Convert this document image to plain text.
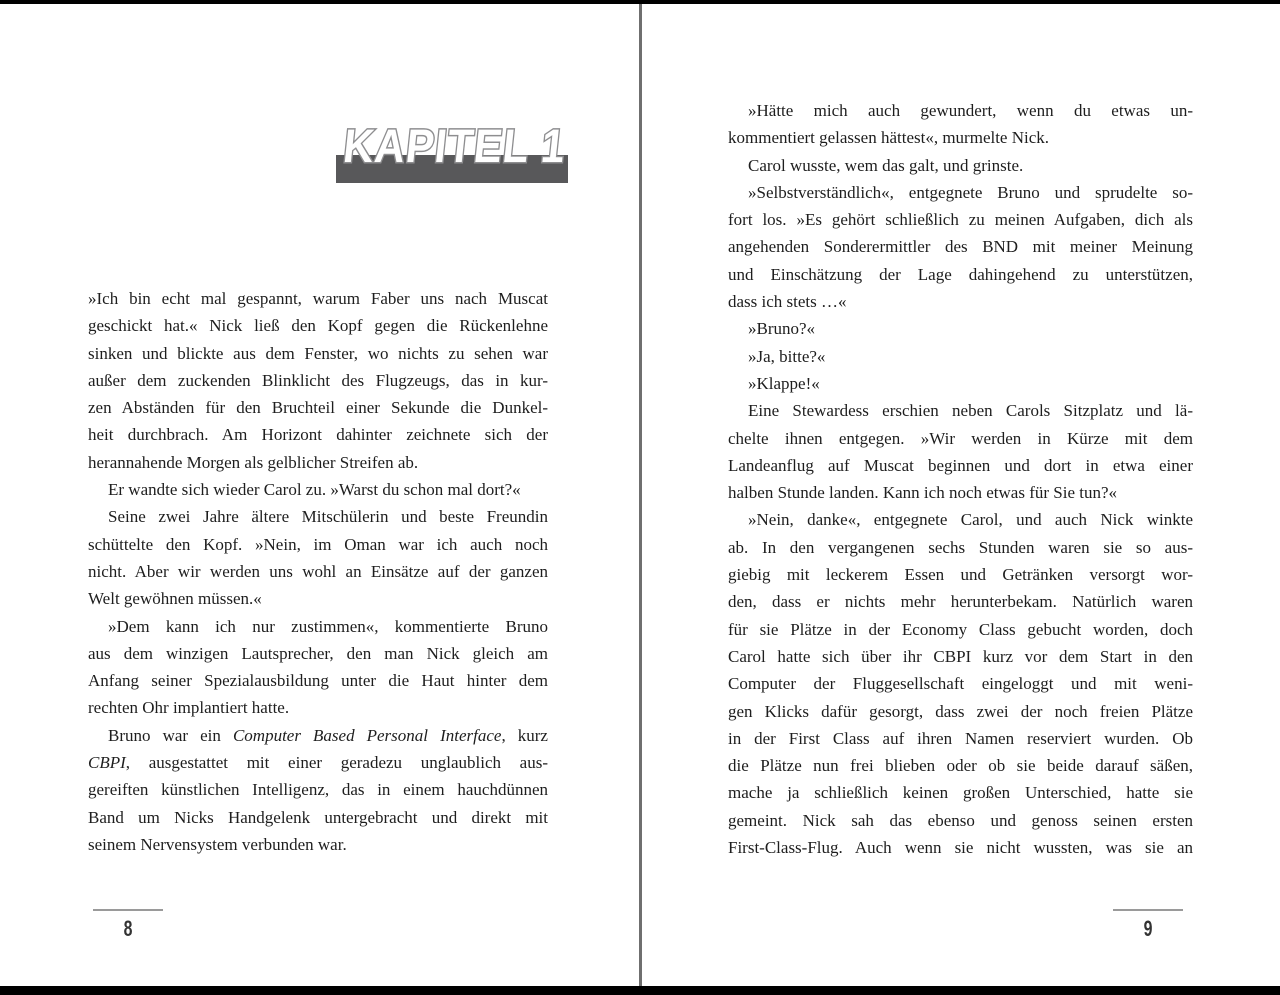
KAPITEL 1
»Ich bin echt mal gespannt, warum Faber uns nach Muscat
geschickt hat.« Nick ließ den Kopf gegen die Rückenlehne
sinken und blickte aus dem Fenster, wo nichts zu sehen war
außer dem zuckenden Blinklicht des Flugzeugs, das in kur-
zen Abständen für den Bruchteil einer Sekunde die Dunkel-
heit durchbrach. Am Horizont dahinter zeichnete sich der
herannahende Morgen als gelblicher Streifen ab.
Er wandte sich wieder Carol zu. »Warst du schon mal dort?«
Seine zwei Jahre ältere Mitschülerin und beste Freundin
schüttelte den Kopf. »Nein, im Oman war ich auch noch
nicht. Aber wir werden uns wohl an Einsätze auf der ganzen
Welt gewöhnen müssen.«
»Dem kann ich nur zustimmen«, kommentierte Bruno
aus dem winzigen Lautsprecher, den man Nick gleich am
Anfang seiner Spezialausbildung unter die Haut hinter dem
rechten Ohr implantiert hatte.
Bruno war ein Computer Based Personal Interface, kurz
CBPI, ausgestattet mit einer geradezu unglaublich aus-
gereiften künstlichen Intelligenz, das in einem hauchdünnen
Band um Nicks Handgelenk untergebracht und direkt mit
seinem Nervensystem verbunden war.
»Hätte mich auch gewundert, wenn du etwas un-
kommentiert gelassen hättest«, murmelte Nick.
Carol wusste, wem das galt, und grinste.
»Selbstverständlich«, entgegnete Bruno und sprudelte so-
fort los. »Es gehört schließlich zu meinen Aufgaben, dich als
angehenden Sonderermittler des BND mit meiner Meinung
und Einschätzung der Lage dahingehend zu unterstützen,
dass ich stets …«
»Bruno?«
»Ja, bitte?«
»Klappe!«
Eine Stewardess erschien neben Carols Sitzplatz und lä-
chelte ihnen entgegen. »Wir werden in Kürze mit dem
Landeanflug auf Muscat beginnen und dort in etwa einer
halben Stunde landen. Kann ich noch etwas für Sie tun?«
»Nein, danke«, entgegnete Carol, und auch Nick winkte
ab. In den vergangenen sechs Stunden waren sie so aus-
giebig mit leckerem Essen und Getränken versorgt wor-
den, dass er nichts mehr herunterbekam. Natürlich waren
für sie Plätze in der Economy Class gebucht worden, doch
Carol hatte sich über ihr CBPI kurz vor dem Start in den
Computer der Fluggesellschaft eingeloggt und mit weni-
gen Klicks dafür gesorgt, dass zwei der noch freien Plätze
in der First Class auf ihren Namen reserviert wurden. Ob
die Plätze nun frei blieben oder ob sie beide darauf säßen,
mache ja schließlich keinen großen Unterschied, hatte sie
gemeint. Nick sah das ebenso und genoss seinen ersten
First-Class-Flug. Auch wenn sie nicht wussten, was sie an
8	9
